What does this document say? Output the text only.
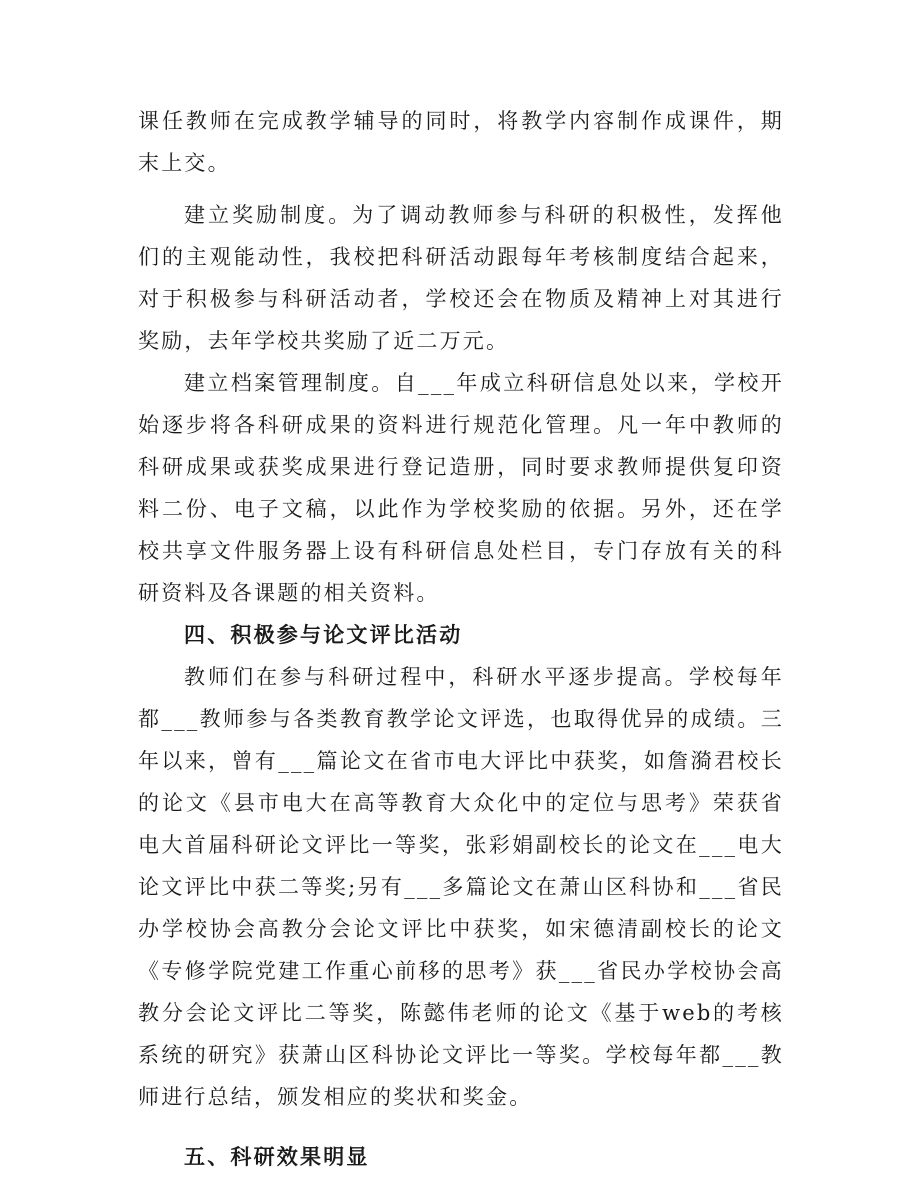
课任教师在完成教学辅导的同时，将教学内容制作成课件，期末上交。

建立奖励制度。为了调动教师参与科研的积极性，发挥他们的主观能动性，我校把科研活动跟每年考核制度结合起来，对于积极参与科研活动者，学校还会在物质及精神上对其进行奖励，去年学校共奖励了近二万元。

建立档案管理制度。自___年成立科研信息处以来，学校开始逐步将各科研成果的资料进行规范化管理。凡一年中教师的科研成果或获奖成果进行登记造册，同时要求教师提供复印资料二份、电子文稿，以此作为学校奖励的依据。另外，还在学校共享文件服务器上设有科研信息处栏目，专门存放有关的科研资料及各课题的相关资料。

四、积极参与论文评比活动

教师们在参与科研过程中，科研水平逐步提高。学校每年都___教师参与各类教育教学论文评选，也取得优异的成绩。三年以来，曾有___篇论文在省市电大评比中获奖，如詹漪君校长的论文《县市电大在高等教育大众化中的定位与思考》荣获省电大首届科研论文评比一等奖，张彩娟副校长的论文在___电大论文评比中获二等奖;另有___多篇论文在萧山区科协和___省民办学校协会高教分会论文评比中获奖，如宋德清副校长的论文《专修学院党建工作重心前移的思考》获___省民办学校协会高教分会论文评比二等奖，陈懿伟老师的论文《基于web的考核系统的研究》获萧山区科协论文评比一等奖。学校每年都___教师进行总结，颁发相应的奖状和奖金。

五、科研效果明显
